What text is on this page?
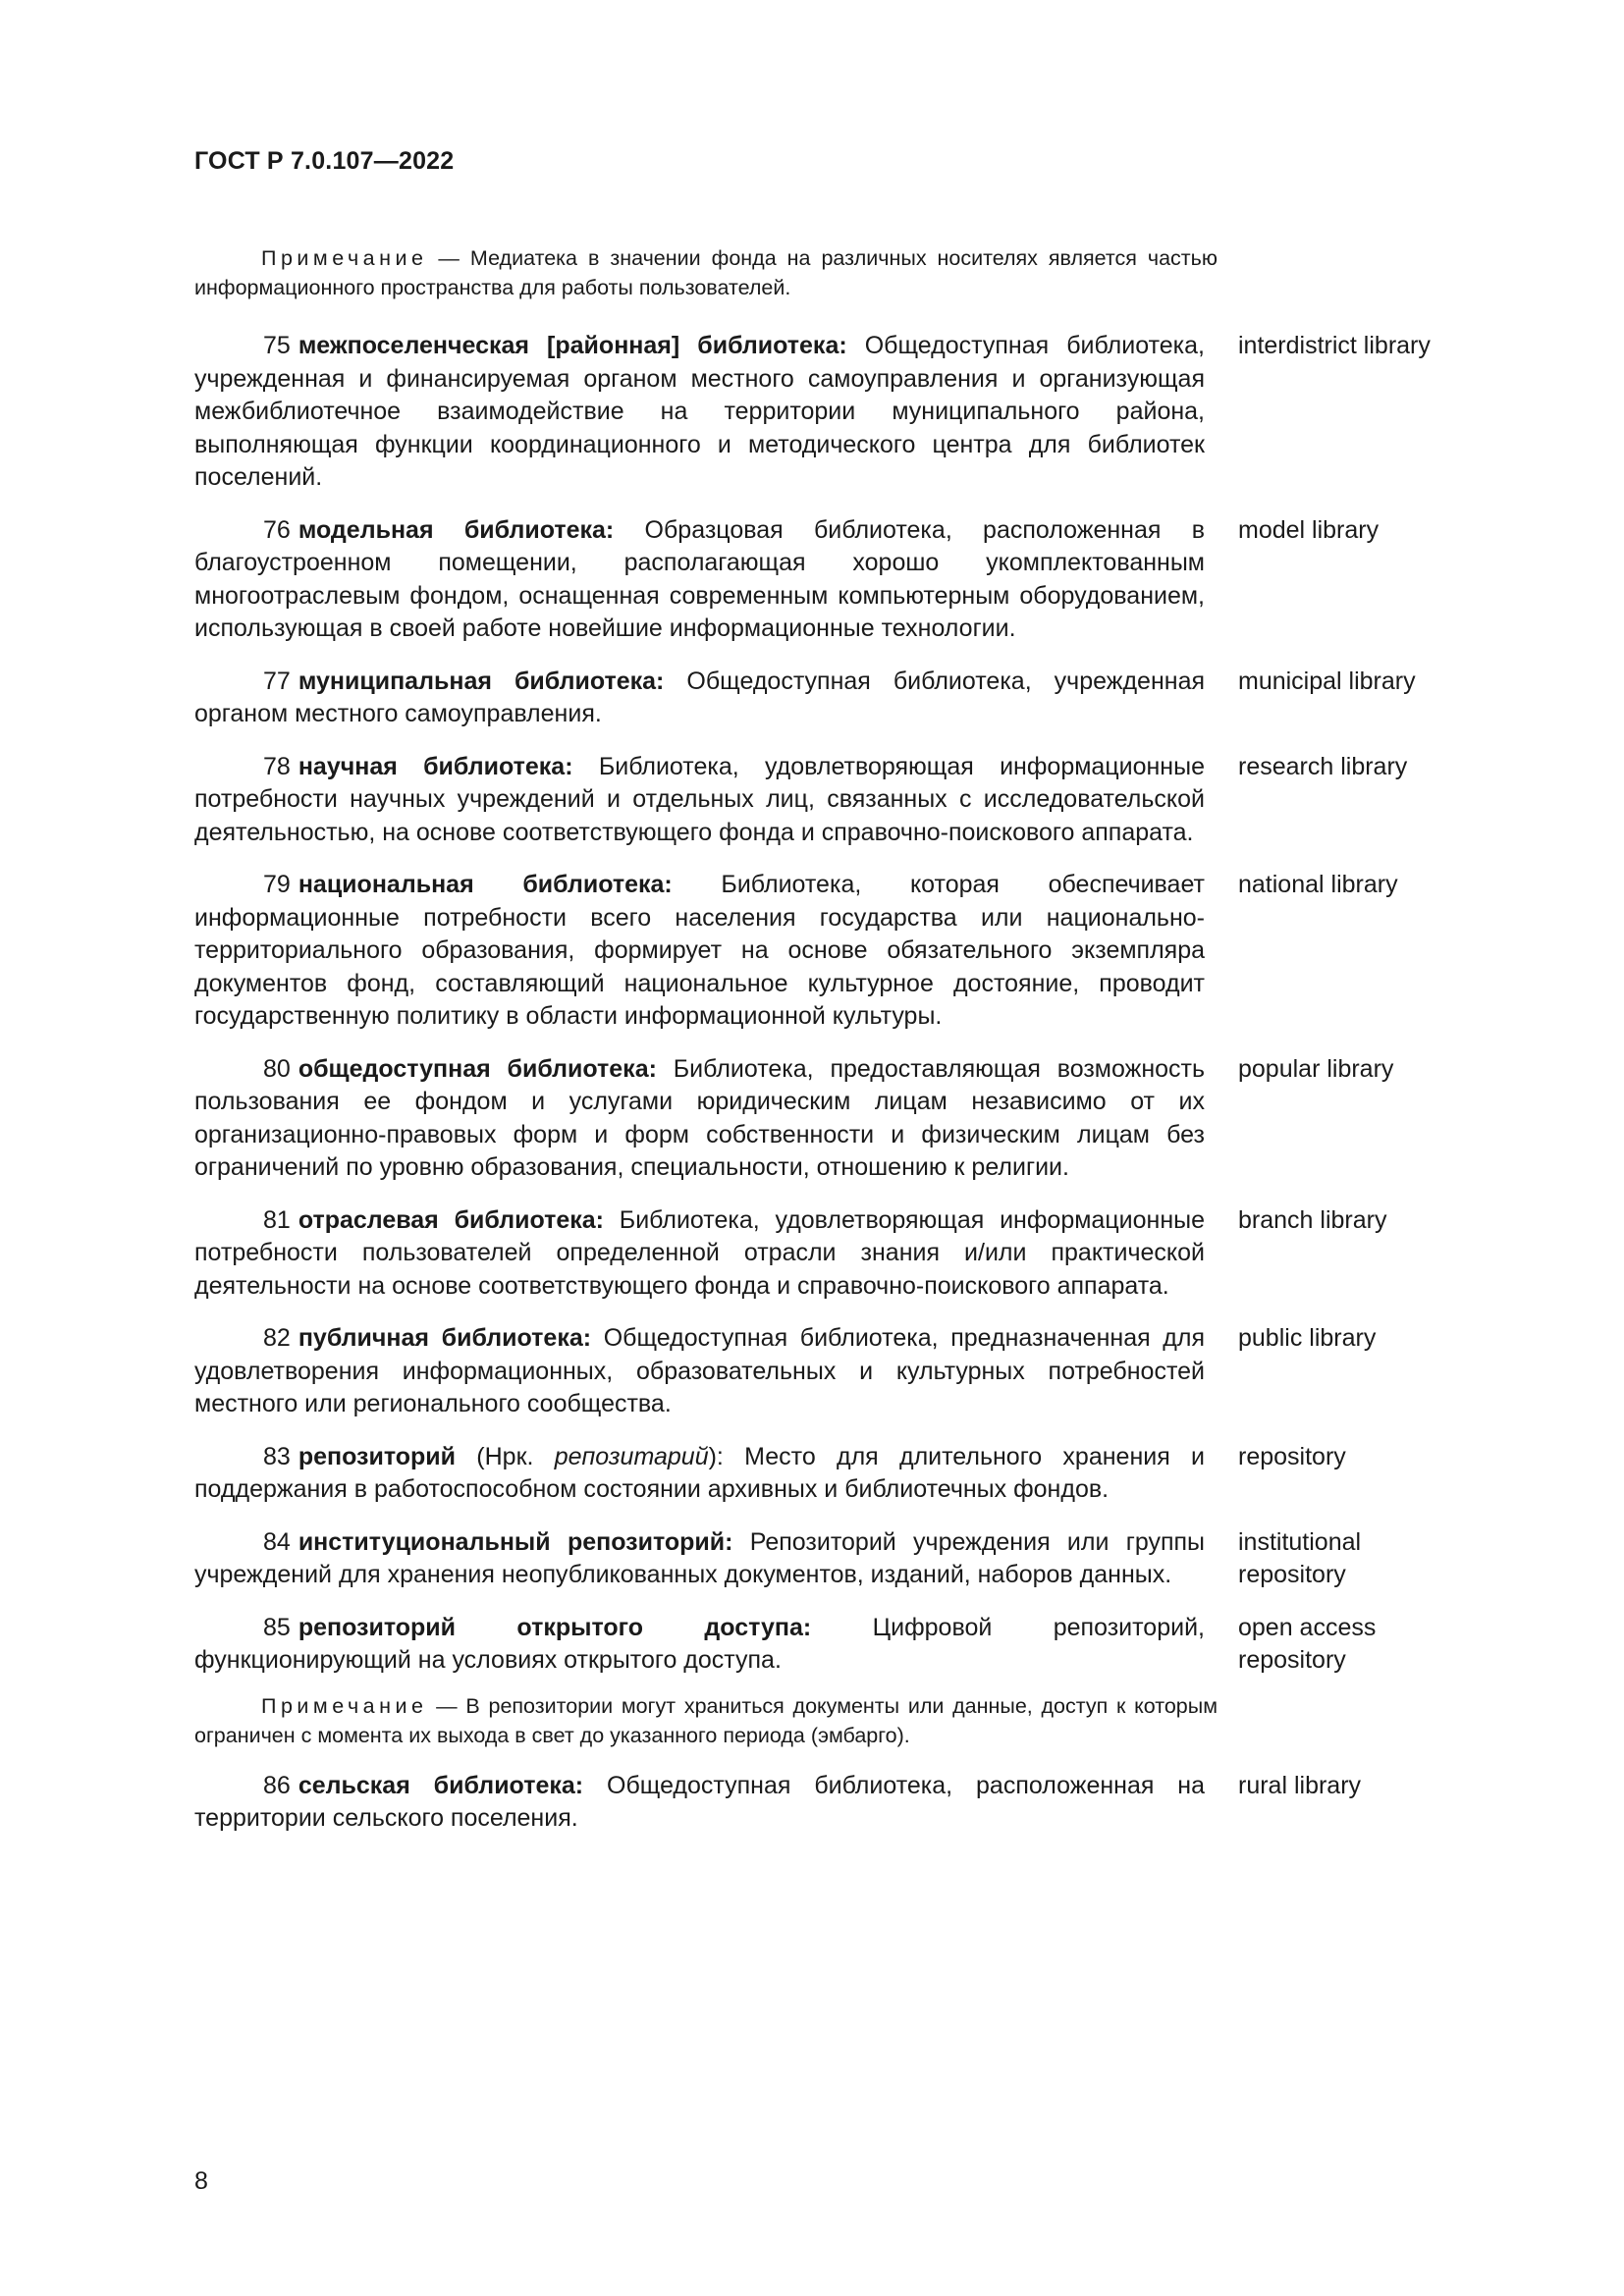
ГОСТ Р 7.0.107—2022

Примечание — Медиатека в значении фонда на различных носителях является частью информационного пространства для работы пользователей.

75 межпоселенческая [районная] библиотека: Общедоступная библиотека, учрежденная и финансируемая органом местного самоуправления и организующая межбиблиотечное взаимодействие на территории муниципального района, выполняющая функции координационного и методического центра для библиотек поселений.
interdistrict library
76 модельная библиотека: Образцовая библиотека, расположенная в благоустроенном помещении, располагающая хорошо укомплектованным многоотраслевым фондом, оснащенная современным компьютерным оборудованием, использующая в своей работе новейшие информационные технологии.
model library
77 муниципальная библиотека: Общедоступная библиотека, учрежденная органом местного самоуправления.
municipal library
78 научная библиотека: Библиотека, удовлетворяющая информационные потребности научных учреждений и отдельных лиц, связанных с исследовательской деятельностью, на основе соответствующего фонда и справочно-поискового аппарата.
research library
79 национальная библиотека: Библиотека, которая обеспечивает информационные потребности всего населения государства или национально-территориального образования, формирует на основе обязательного экземпляра документов фонд, составляющий национальное культурное достояние, проводит государственную политику в области информационной культуры.
national library
80 общедоступная библиотека: Библиотека, предоставляющая возможность пользования ее фондом и услугами юридическим лицам независимо от их организационно-правовых форм и форм собственности и физическим лицам без ограничений по уровню образования, специальности, отношению к религии.
popular library
81 отраслевая библиотека: Библиотека, удовлетворяющая информационные потребности пользователей определенной отрасли знания и/или практической деятельности на основе соответствующего фонда и справочно-поискового аппарата.
branch library
82 публичная библиотека: Общедоступная библиотека, предназначенная для удовлетворения информационных, образовательных и культурных потребностей местного или регионального сообщества.
public library
83 репозиторий (Нрк. репозитарий): Место для длительного хранения и поддержания в работоспособном состоянии архивных и библиотечных фондов.
repository
84 институциональный репозиторий: Репозиторий учреждения или группы учреждений для хранения неопубликованных документов, изданий, наборов данных.
institutional repository
85 репозиторий открытого доступа: Цифровой репозиторий, функционирующий на условиях открытого доступа.
open access repository

Примечание — В репозитории могут храниться документы или данные, доступ к которым ограничен с момента их выхода в свет до указанного периода (эмбарго).

86 сельская библиотека: Общедоступная библиотека, расположенная на территории сельского поселения.
rural library
8
